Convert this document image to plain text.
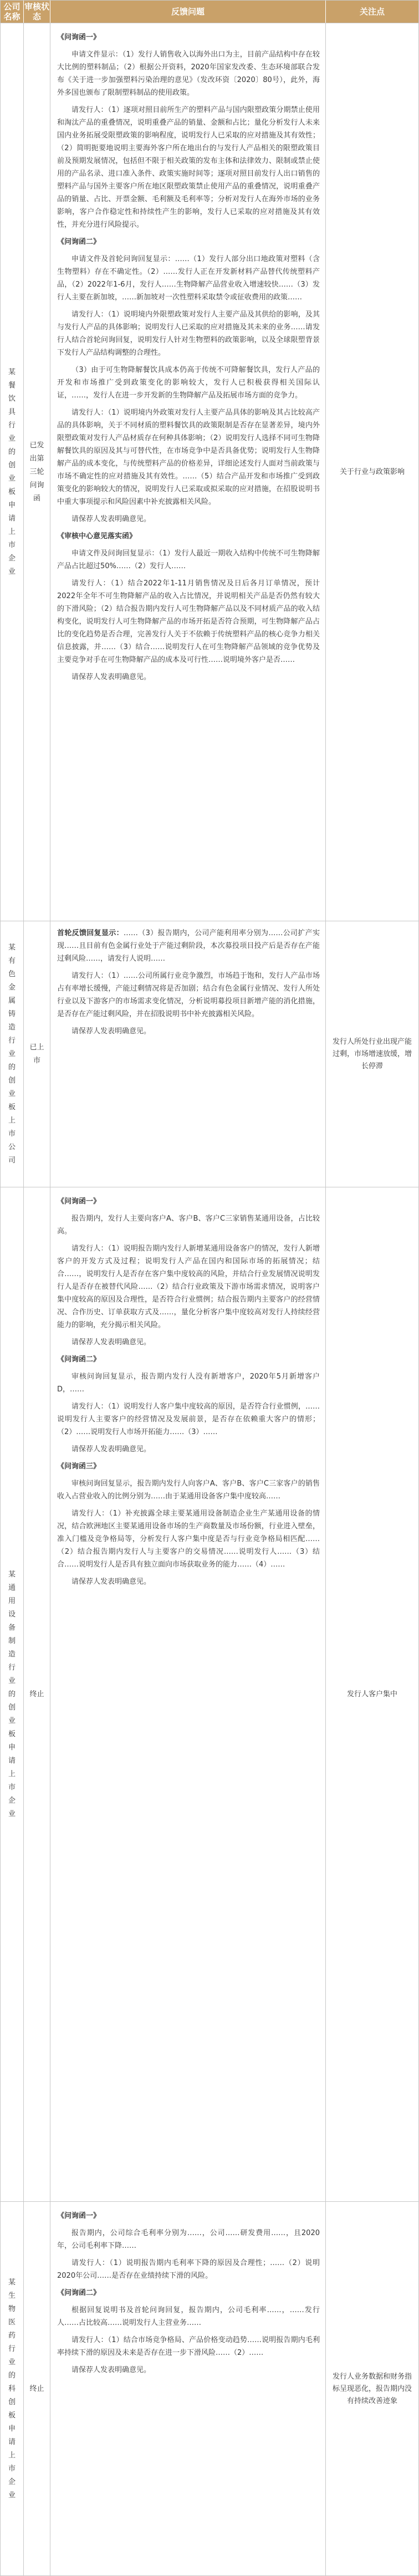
公司名称
审核状态	反馈问题	关注点
某餐饮具行业的创业板申请上市企业
已发出第三轮问询函
《问询函一》

申请文件显示：（1）发行人销售收入以海外出口为主，目前产品结构中存在较大比例的塑料制品；（2）根据公开资料，2020年国家发改委、生态环境部联合发布《关于进一步加强塑料污染治理的意见》（发改环资〔2020〕80号），此外，海外多国也颁布了限制塑料制品的使用政策。

请发行人：（1）逐项对照目前所生产的塑料产品与国内限塑政策分期禁止使用和淘汰产品的重叠情况，说明重叠产品的销量、金额和占比；量化分析发行人未来国内业务拓展受限塑政策的影响程度，说明发行人已采取的应对措施及其有效性；（2）简明扼要地说明主要海外客户所在地出台的与发行人产品相关的限塑政策目前及预期发展情况，包括但不限于相关政策的发布主体和法律效力、限制或禁止使用的产品名录、进口准入条件、政策实施时间等；逐项对照目前发行人出口销售的塑料产品与国外主要客户所在地区限塑政策禁止使用产品的重叠情况，说明重叠产品的销量、占比、开票金额、毛利额及毛利率等；分析对发行人在海外市场的业务影响，客户合作稳定性和持续性产生的影响，发行人已采取的应对措施及其有效性，并充分进行风险提示。

《问询函二》

申请文件及首轮问询回复显示：……（1）发行人部分出口地政策对塑料（含生物塑料）存在不确定性。（2）……发行人正在开发新材料产品替代传统塑料产品，（2）2022年1-6月，发行人……生物降解产品营业收入增速较快……（3）发行人主要在新加坡，……新加坡对一次性塑料采取禁令或征收费用的政策……

请发行人：（1）说明境内外限塑政策对发行人主要产品及其供给的影响，及其与发行人产品的具体影响；说明发行人已采取的应对措施及其未来的业务……请发行人结合首轮问询回复，说明发行人针对生物塑料的政策影响，以及全球限塑背景下发行人产品结构调整的合理性。

（3）由于可生物降解餐饮具成本仍高于传统不可降解餐饮具，发行人产品的开发和市场推广受到政策变化的影响较大，发行人已积极获得相关国际认证，……，发行人在进一步开发新的生物降解产品及拓展市场方面的竞争力。

请发行人：（1）说明境内外政策对发行人主要产品具体的影响及其占比较高产品的具体影响，关于不同材质的塑料餐饮具的政策限制是否存在显著差异，境内外限塑政策对发行人产品材质存在何种具体影响；（2）说明发行人选择不同可生物降解餐饮具的原因及其与可替代性，在市场竞争中是否具备优势；说明发行人生物降解产品的成本变化，与传统塑料产品的价格差异，详细论述发行人面对当前政策与市场不确定性的应对措施及其有效性。……（5）结合产品开发和市场推广受到政策变化的影响较大的情况，说明发行人已采取或拟采取的应对措施，在招股说明书中重大事项提示和风险因素中补充披露相关风险。

请保荐人发表明确意见。

《审核中心意见落实函》

申请文件及问询回复显示：（1）发行人最近一期收入结构中传统不可生物降解产品占比超过50%……（2）发行人……

请发行人：（1）结合2022年1-11月销售情况及日后各月订单情况，预计2022年全年不可生物降解产品的收入占比情况，并说明相关产品是否仍然有较大的下滑风险；（2）结合报告期内发行人可生物降解产品以及不同材质产品的收入结构变化，说明发行人可生物降解产品的市场开拓是否符合预期，可生物降解产品占比的变化趋势是否合理，完善发行人关于不依赖于传统塑料产品的核心竞争力相关信息披露，并……（3）结合……说明发行人在可生物降解产品领域的竞争优势及主要竞争对手在可生物降解产品的成本及可行性……说明境外客户是否……

请保荐人发表明确意见。

关于行业与政策影响
某有色金属铸造行业的创业板上市公司
已上市

首轮反馈回复显示：……（3）报告期内，公司产能利用率分别为……公司扩产实现……且目前有色金属行业处于产能过剩阶段，本次募投项目投产后是否存在产能过剩风险……，请发行人说明……

请发行人：（1）……公司所属行业竞争激烈，市场趋于饱和，发行人产品市场占有率增长缓慢，产能过剩情况将是否加剧；结合有色金属行业情况、发行人所处行业以及下游客户的市场需求变化情况，分析说明募投项目新增产能的消化措施，是否存在产能过剩风险，并在招股说明书中补充披露相关风险。

请保荐人发表明确意见。

发行人所处行业出现产能过剩，市场增速放缓，增长停滞
某通用设备制造行业的创业板申请上市企业
终止
《问询函一》

报告期内，发行人主要向客户A、客户B、客户C三家销售某通用设备，占比较高。

请发行人：（1）说明报告期内发行人新增某通用设备客户的情况，发行人新增客户的开发方式及过程；说明发行人产品在国内和国际市场的拓展情况；结合……，说明发行人是否存在客户集中度较高的风险，并结合行业发展情况说明发行人是否存在被替代风险……（2）结合行业政策及下游市场需求情况，说明客户集中度较高的原因及合理性，是否符合行业惯例；结合报告期内主要客户的经营情况、合作历史、订单获取方式及……，量化分析客户集中度较高对发行人持续经营能力的影响，充分揭示相关风险。

请保荐人发表明确意见。

《问询函二》

审核问询回复显示，报告期内发行人没有新增客户，2020年5月新增客户D，……

请发行人：（1）说明发行人客户集中度较高的原因，是否符合行业惯例，……说明发行人主要客户的经营情况及发展前景，是否存在依赖重大客户的情形；（2）……说明发行人市场开拓能力……（3）……

请保荐人发表明确意见。

《问询函三》

审核问询回复显示，报告期内发行人向客户A、客户B、客户C三家客户的销售收入占营业收入的比例分别为……由于某通用设备客户集中度较高……

请发行人：（1）补充披露全球主要某通用设备制造企业生产某通用设备的情况，结合欧洲地区主要某通用设备市场的生产商数量及市场份额，行业进入壁垒，准入门槛及竞争格局等，分析发行人客户集中度是否与行业竞争格局相匹配……（2）结合报告期内发行人与主要客户的交易情况……说明发行人……（3）结合……说明发行人是否具有独立面向市场获取业务的能力……（4）……

请保荐人发表明确意见。

发行人客户集中
某生物医药行业的科创板申请上市企业
终止
《问询函一》

报告期内，公司综合毛利率分别为……，公司……研发费用……，且2020年，公司毛利率下降……

请发行人：（1）说明报告期内毛利率下降的原因及合理性；……（2）说明2020年公司……是否存在业绩持续下滑的风险。

《问询函二》

根据回复说明书及首轮问询回复，报告期内，公司毛利率……，……发行人……占比较高……说明发行人主营业务……

请发行人：（1）结合市场竞争格局、产品价格变动趋势……说明报告期内毛利率持续下滑的原因及未来是否存在进一步下滑风险……（2）……

请保荐人发表明确意见。

发行人业务数据和财务指标呈现恶化，报告期内没有持续改善迹象
